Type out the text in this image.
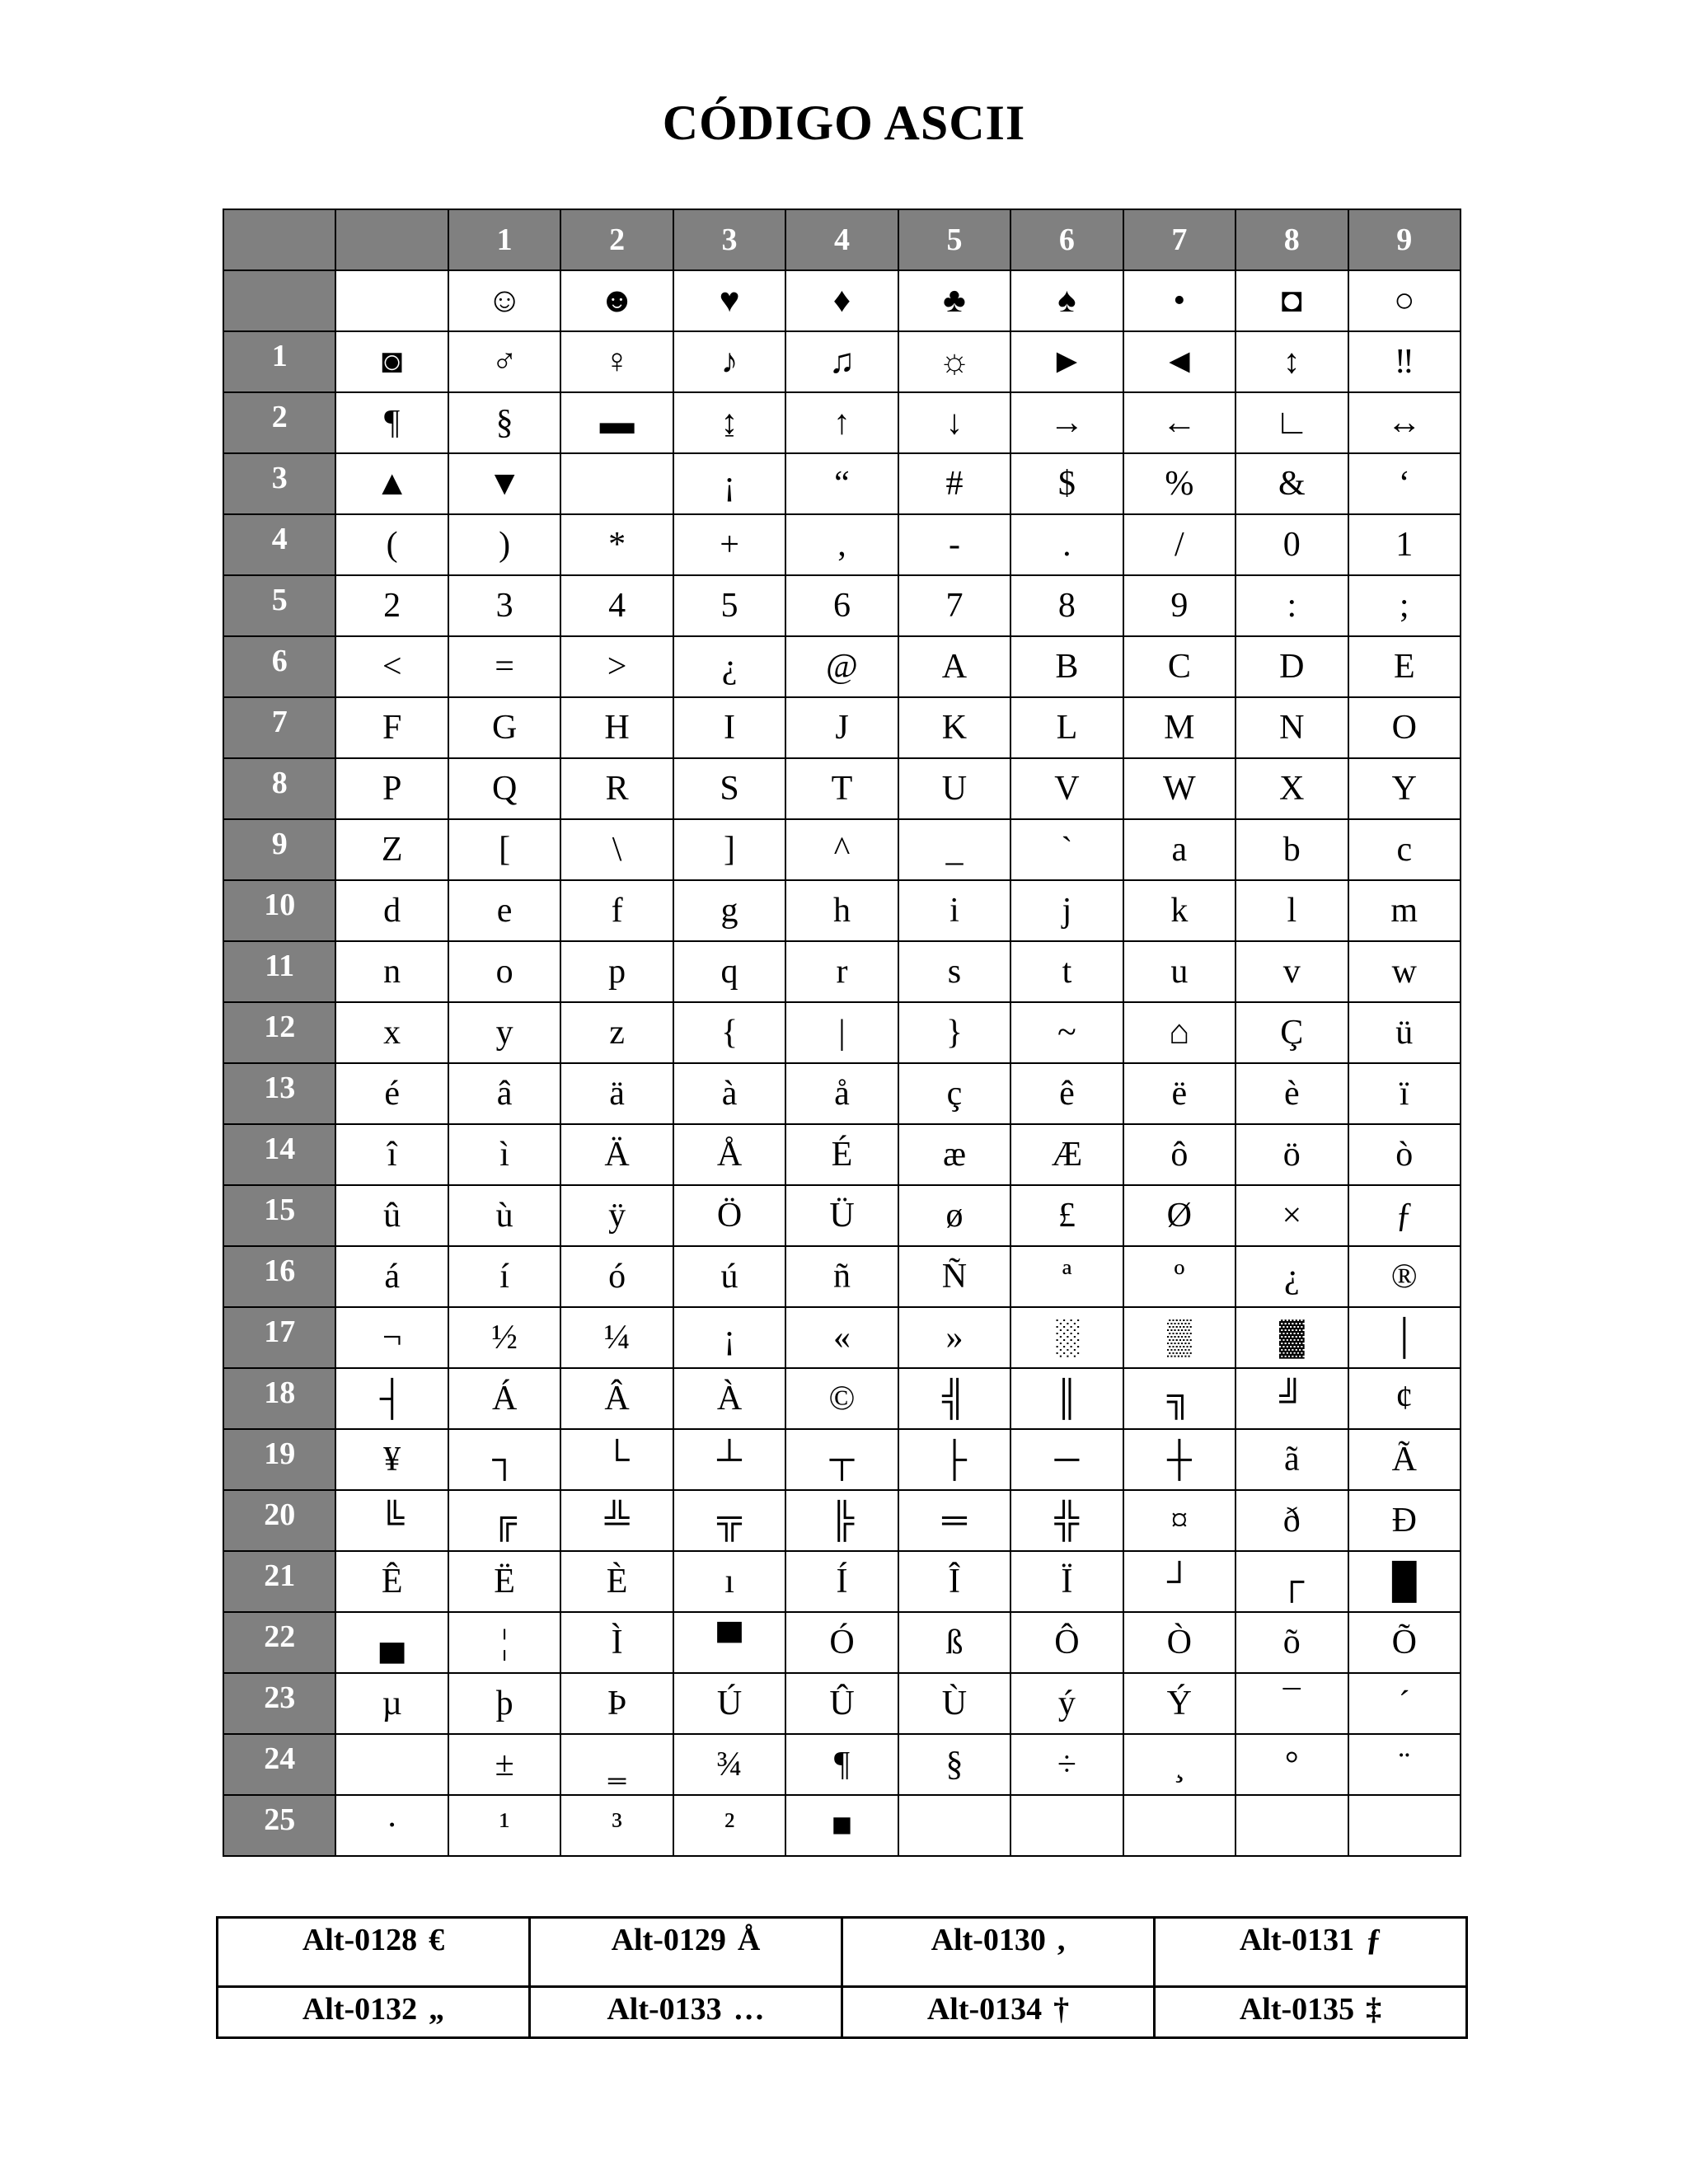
CÓDIGO ASCII
		1	2	3	4	5	6	7	8	9
		☺	☻	♥	♦	♣	♠	•	◘	○
1	◙	♂	♀	♪	♫	☼	►	◄	↕	‼
2	¶	§	▬	↨	↑	↓	→	←	∟	↔
3	▲	▼		¡	“	#	$	%	&	‘
4	(	)	*	+	,	-	.	/	0	1
5	2	3	4	5	6	7	8	9	:	;
6	<	=	>	¿	@	A	B	C	D	E
7	F	G	H	I	J	K	L	M	N	O
8	P	Q	R	S	T	U	V	W	X	Y
9	Z	[	\	]	^	_	`	a	b	c
10	d	e	f	g	h	i	j	k	l	m
11	n	o	p	q	r	s	t	u	v	w
12	x	y	z	{	|	}	~	⌂	Ç	ü
13	é	â	ä	à	å	ç	ê	ë	è	ï
14	î	ì	Ä	Å	É	æ	Æ	ô	ö	ò
15	û	ù	ÿ	Ö	Ü	ø	£	Ø	×	ƒ
16	á	í	ó	ú	ñ	Ñ	ª	º	¿	®
17	¬	½	¼	¡	«	»	░	▒	▓	│
18	┤	Á	Â	À	©	╣	║	╗	╝	¢
19	¥	┐	└	┴	┬	├	─	┼	ã	Ã
20	╚	╔	╩	╦	╠	═	╬	¤	ð	Ð
21	Ê	Ë	È	ı	Í	Î	Ï	┘	┌	█
22	▄	¦	Ì	▀	Ó	ß	Ô	Ò	õ	Õ
23	µ	þ	Þ	Ú	Û	Ù	ý	Ý	¯	´
24		±	‗	¾	¶	§	÷	¸	°	¨
25	·	¹	³	²	■					
Alt-0128 €	Alt-0129 Å	Alt-0130 ,	Alt-0131 ƒ
Alt-0132 „	Alt-0133 …	Alt-0134 †	Alt-0135 ‡
